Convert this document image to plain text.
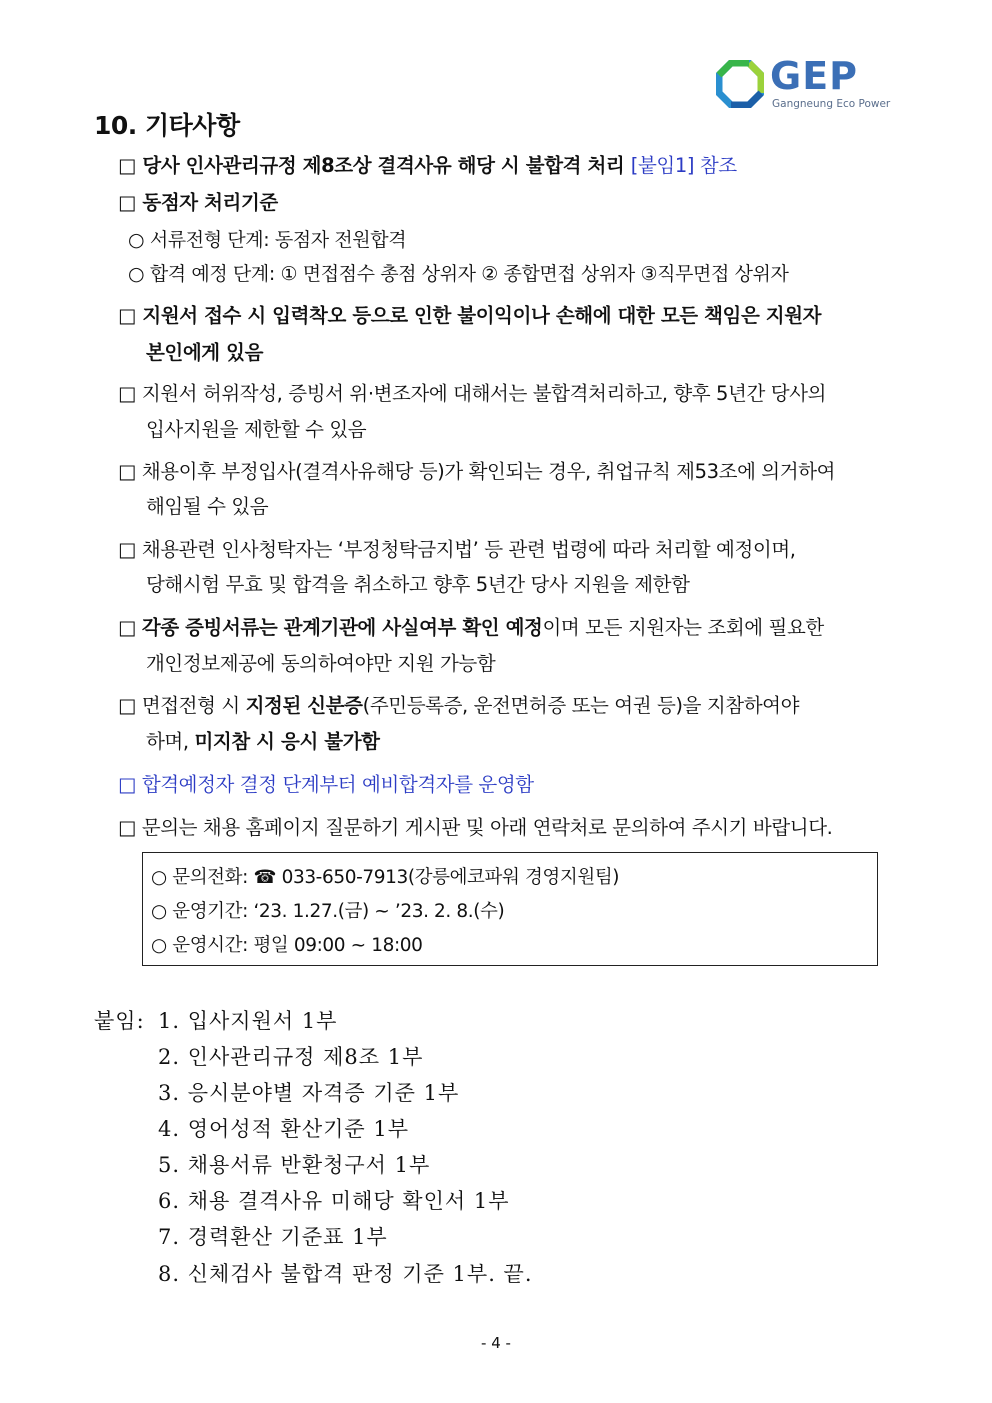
GEP
Gangneung Eco Power
10. 기타사항
□ 당사 인사관리규정 제8조상 결격사유 해당 시 불합격 처리 [붙임1] 참조
□ 동점자 처리기준
○ 서류전형 단계: 동점자 전원합격
○ 합격 예정 단계: ① 면접점수 총점 상위자 ② 종합면접 상위자 ③직무면접 상위자
□ 지원서 접수 시 입력착오 등으로 인한 불이익이나 손해에 대한 모든 책임은 지원자
본인에게 있음
□ 지원서 허위작성, 증빙서 위·변조자에 대해서는 불합격처리하고, 향후 5년간 당사의
입사지원을 제한할 수 있음
□ 채용이후 부정입사(결격사유해당 등)가 확인되는 경우, 취업규칙 제53조에 의거하여
해임될 수 있음
□ 채용관련 인사청탁자는 ‘부정청탁금지법’ 등 관련 법령에 따라 처리할 예정이며,
당해시험 무효 및 합격을 취소하고 향후 5년간 당사 지원을 제한함
□ 각종 증빙서류는 관계기관에 사실여부 확인 예정이며 모든 지원자는 조회에 필요한
개인정보제공에 동의하여야만 지원 가능함
□ 면접전형 시 지정된 신분증(주민등록증, 운전면허증 또는 여권 등)을 지참하여야
하며, 미지참 시 응시 불가함
□ 합격예정자 결정 단계부터 예비합격자를 운영함
□ 문의는 채용 홈페이지 질문하기 게시판 및 아래 연락처로 문의하여 주시기 바랍니다.
○ 문의전화: ☎ 033-650-7913(강릉에코파워 경영지원팀)
○ 운영기간: ‘23. 1.27.(금) ~ ’23. 2. 8.(수)
○ 운영시간: 평일 09:00 ~ 18:00
붙임: 1. 입사지원서 1부
2. 인사관리규정 제8조 1부
3. 응시분야별 자격증 기준 1부
4. 영어성적 환산기준 1부
5. 채용서류 반환청구서 1부
6. 채용 결격사유 미해당 확인서 1부
7. 경력환산 기준표 1부
8. 신체검사 불합격 판정 기준 1부. 끝.
- 4 -
